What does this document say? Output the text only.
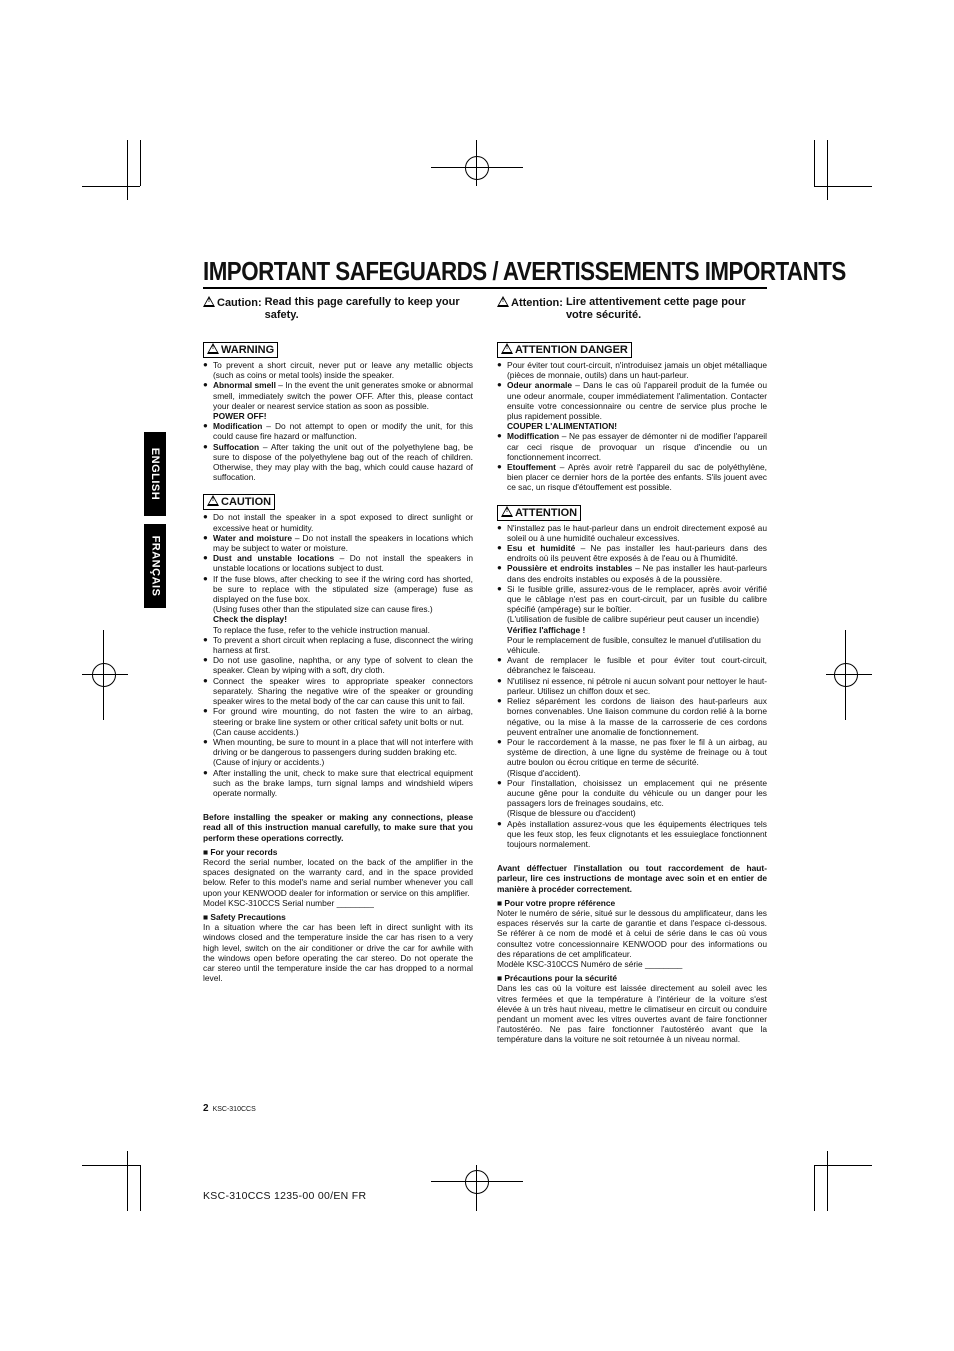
IMPORTANT SAFEGUARDS / AVERTISSEMENTS IMPORTANTS
ENGLISH
FRANÇAIS
!Caution: Read this page carefully to keep your safety.
!WARNING
● To prevent a short circuit, never put or leave any metallic objects (such as coins or metal tools) inside the speaker.
● Abnormal smell – In the event the unit generates smoke or abnormal smell, immediately switch the power OFF. After this, please contact your dealer or nearest service station as soon as possible.
POWER OFF!
● Modification – Do not attempt to open or modify the unit, for this could cause fire hazard or malfunction.
● Suffocation – After taking the unit out of the polyethylene bag, be sure to dispose of the polyethylene bag out of the reach of children. Otherwise, they may play with the bag, which could cause hazard of suffocation.
!CAUTION
● Do not install the speaker in a spot exposed to direct sunlight or excessive heat or humidity.
● Water and moisture – Do not install the speakers in locations which may be subject to water or moisture.
● Dust and unstable locations – Do not install the speakers in unstable locations or locations subject to dust.
● If the fuse blows, after checking to see if the wiring cord has shorted, be sure to replace with the stipulated size (amperage) fuse as displayed on the fuse box.
(Using fuses other than the stipulated size can cause fires.)
Check the display!
To replace the fuse, refer to the vehicle instruction manual.
● To prevent a short circuit when replacing a fuse, disconnect the wiring harness at first.
● Do not use gasoline, naphtha, or any type of solvent to clean the speaker. Clean by wiping with a soft, dry cloth.
● Connect the speaker wires to appropriate speaker connectors separately. Sharing the negative wire of the speaker or grounding speaker wires to the metal body of the car can cause this unit to fail.
● For ground wire mounting, do not fasten the wire to an airbag, steering or brake line system or other critical safety unit bolts or nut.
(Can cause accidents.)
● When mounting, be sure to mount in a place that will not interfere with driving or be dangerous to passengers during sudden braking etc.
(Cause of injury or accidents.)
● After installing the unit, check to make sure that electrical equipment such as the brake lamps, turn signal lamps and windshield wipers operate normally.
Before installing the speaker or making any connections, please read all of this instruction manual carefully, to make sure that you perform these operations correctly.
■ For your records
Record the serial number, located on the back of the amplifier in the spaces designated on the warranty card, and in the space provided below. Refer to this model's name and serial number whenever you call upon your KENWOOD dealer for information or service on this amplifier.
Model KSC-310CCS Serial number ________
■ Safety Precautions
In a situation where the car has been left in direct sunlight with its windows closed and the temperature inside the car has risen to a very high level, switch on the air conditioner or drive the car for awhile with the windows open before operating the car stereo. Do not operate the car stereo until the temperature inside the car has dropped to a normal level.
!Attention: Lire attentivement cette page pour votre sécurité.
!ATTENTION DANGER
● Pour éviter tout court-circuit, n'introduisez jamais un objet métalliaque (pièces de monnaie, outils) dans un haut-parleur.
● Odeur anormale – Dans le cas où l'appareil produit de la fumée ou une odeur anormale, couper immédiatement l'alimentation. Contacter ensuite votre concessionnaire ou centre de service plus proche le plus rapidement possible.
COUPER L'ALIMENTATION!
● Modiffication – Ne pas essayer de démonter ni de modifier l'appareil car ceci risque de provoquar un risque d'incendie ou un fonctionnement incorrect.
● Etouffement – Après avoir retrè l'appareil du sac de polyéthylène, bien placer ce dernier hors de la portée des enfants. S'ils jouent avec ce sac, un risque d'étouffement est possible.
!ATTENTION
● N'installez pas le haut-parleur dans un endroit directement exposé au soleil ou à une humidité ouchaleur excessives.
● Esu et humidité – Ne pas installer les haut-parieurs dans des endroits où ils peuvent être exposés à de l'eau ou à l'humidité.
● Poussière et endroits instables – Ne pas installer les haut-parleurs dans des endroits instables ou exposés à de la poussière.
● Si le fusible grille, assurez-vous de le remplacer, après avoir vérifié que le câblage n'est pas en court-circuit, par un fusible du calibre spécifié (ampérage) sur le boîtier.
(L'utilisation de fusible de calibre supérieur peut causer un incendie)
Vérifiez l'affichage !
Pour le remplacement de fusible, consultez le manuel d'utilisation du véhicule.
● Avant de remplacer le fusible et pour éviter tout court-circuit, débranchez le faisceau.
● N'utilisez ni essence, ni pétrole ni aucun solvant pour nettoyer le haut-parleur. Utilisez un chiffon doux et sec.
● Reliez séparément les cordons de liaison des haut-parleurs aux bornes convenables. Une liaison commune du cordon relié à la borne négative, ou la mise à la masse de la carrosserie de ces cordons peuvent entraîner une anomalie de fonctionnement.
● Pour le raccordement à la masse, ne pas fixer le fil à un airbag, au système de direction, à une ligne du système de freinage ou à tout autre boulon ou écrou critique en terme de sécurité.
(Risque d'accident).
● Pour l'installation, choisissez un emplacement qui ne présente aucune gêne pour la conduite du véhicule ou un danger pour les passagers lors de freinages soudains, etc.
(Risque de blessure ou d'accident)
● Apès installation assurez-vous que les équipements électriques tels que les feux stop, les feux clignotants et les essuieglace fonctionnent toujours normalement.
Avant déffectuer l'installation ou tout raccordement de haut-parleur, lire ces instructions de montage avec soin et en entier de manière à procéder correctement.
■ Pour votre propre référence
Noter le numéro de série, situé sur le dessous du amplificateur, dans les espaces réservés sur la carte de garantie et dans l'espace ci-dessous. Se référer à ce nom de modé et à celui de série dans le cas où vous consultez votre concessionnaire KENWOOD pour des informations ou des réparations de cet amplificateur.
Modèle KSC-310CCS Numéro de série ________
■ Précautions pour la sécurité
Dans les cas où la voiture est laissée directement au soleil avec les vitres fermées et que la température à l'intérieur de la voiture s'est élevée à un très haut niveau, mettre le climatiseur en circuit ou conduire pendant un moment avec les vitres ouvertes avant de faire fonctionner l'autostéréo. Ne pas faire fonctionner l'autostéréo avant que la température dans la voiture ne soit retournée à un niveau normal.
2 KSC-310CCS
KSC-310CCS 1235-00 00/EN FR
